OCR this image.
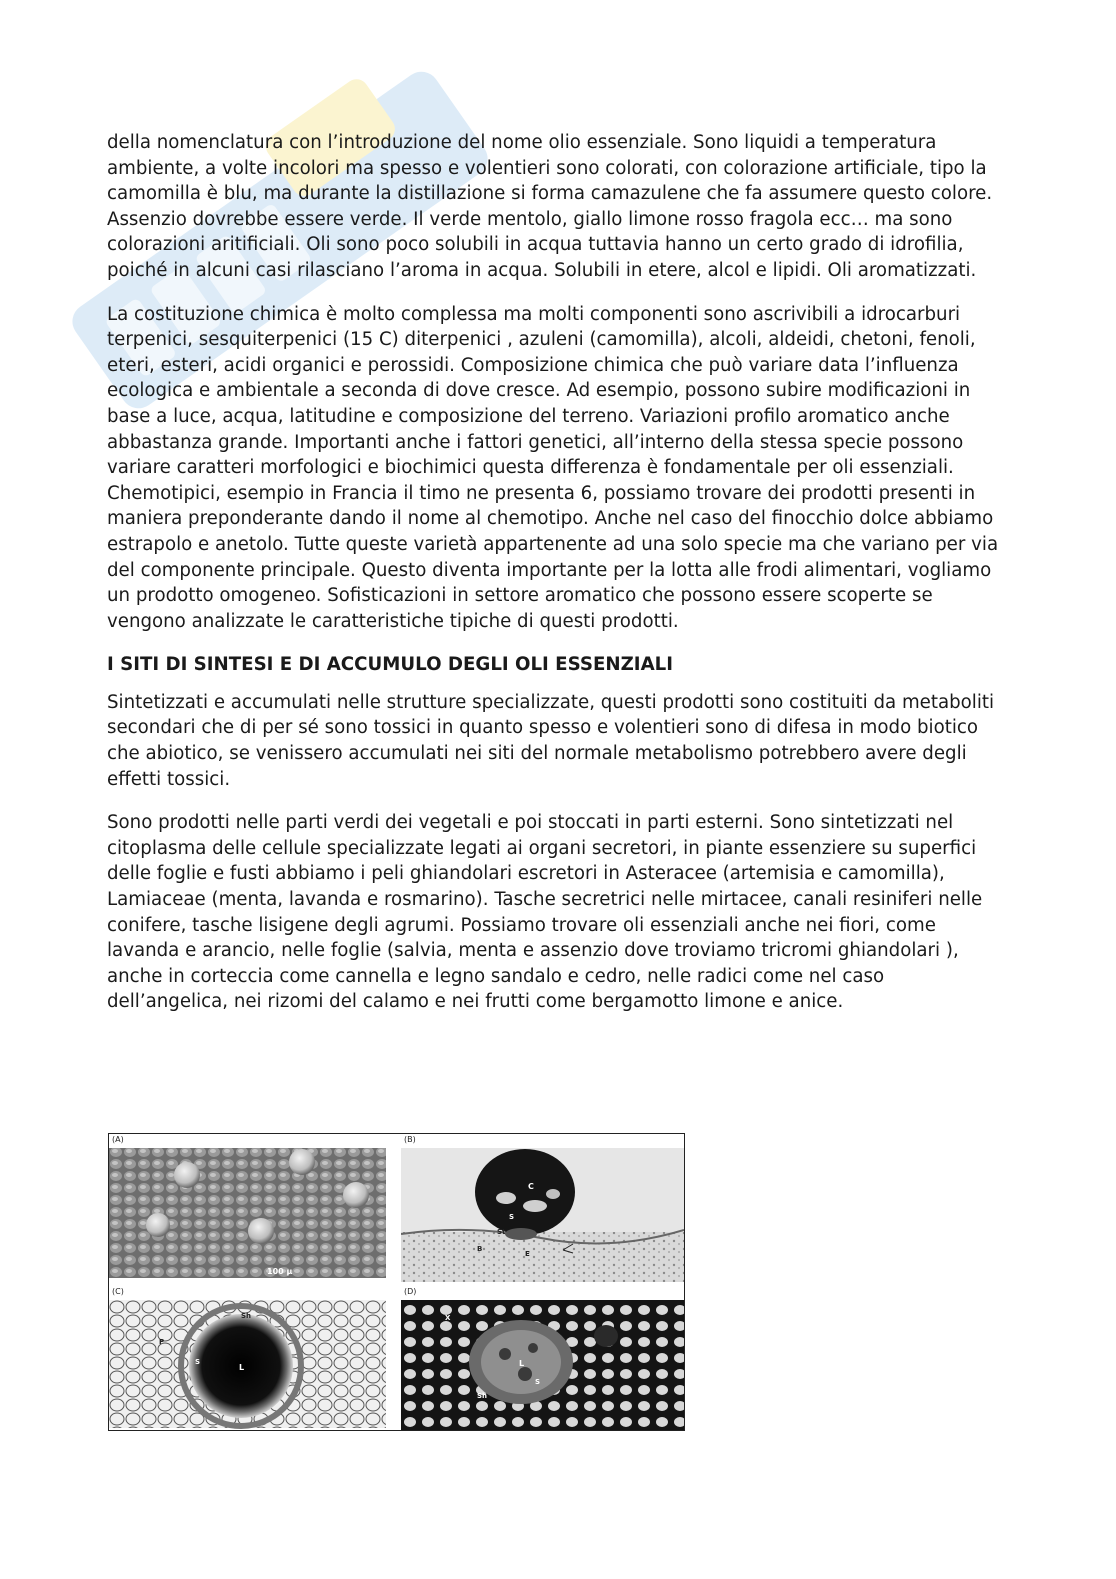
della nomenclatura con l’introduzione del nome olio essenziale. Sono liquidi a temperatura ambiente, a volte incolori ma spesso e volentieri sono colorati, con colorazione artificiale, tipo la camomilla è blu, ma durante la distillazione si forma camazulene che fa assumere questo colore. Assenzio dovrebbe essere verde. Il verde mentolo, giallo limone rosso fragola ecc… ma sono colorazioni aritificiali. Oli sono poco solubili in acqua tuttavia hanno un certo grado di idrofilia, poiché in alcuni casi rilasciano l’aroma in acqua. Solubili in etere, alcol e lipidi. Oli aromatizzati.

La costituzione chimica è molto complessa ma molti componenti sono ascrivibili a idrocarburi terpenici, sesquiterpenici (15 C) diterpenici , azuleni (camomilla), alcoli, aldeidi, chetoni, fenoli, eteri, esteri, acidi organici e perossidi. Composizione chimica che può variare data l’influenza ecologica e ambientale a seconda di dove cresce. Ad esempio, possono subire modificazioni in base a luce, acqua, latitudine e composizione del terreno. Variazioni profilo aromatico anche abbastanza grande. Importanti anche i fattori genetici, all’interno della stessa specie possono variare caratteri morfologici e biochimici questa differenza è fondamentale per oli essenziali. Chemotipici, esempio in Francia il timo ne presenta 6, possiamo trovare dei prodotti presenti in maniera preponderante dando il nome al chemotipo. Anche nel caso del finocchio dolce abbiamo estrapolo e anetolo. Tutte queste varietà appartenente ad una solo specie ma che variano per via del componente principale. Questo diventa importante per la lotta alle frodi alimentari, vogliamo un prodotto omogeneo. Sofisticazioni in settore aromatico che possono essere scoperte se vengono analizzate le caratteristiche tipiche di questi prodotti.

I SITI DI SINTESI E DI ACCUMULO DEGLI OLI ESSENZIALI

Sintetizzati e accumulati nelle strutture specializzate, questi prodotti sono costituiti da metaboliti secondari che di per sé sono tossici in quanto spesso e volentieri sono di difesa in modo biotico che abiotico, se venissero accumulati nei siti del normale metabolismo potrebbero avere degli effetti tossici.

Sono prodotti nelle parti verdi dei vegetali e poi stoccati in parti esterni. Sono sintetizzati nel citoplasma delle cellule specializzate legati ai organi secretori, in piante essenziere su superfici delle foglie e fusti abbiamo i peli ghiandolari escretori in Asteracee (artemisia e camomilla), Lamiaceae (menta, lavanda e rosmarino). Tasche secretrici nelle mirtacee, canali resiniferi nelle conifere, tasche lisigene degli agrumi. Possiamo trovare oli essenziali anche nei fiori, come lavanda e arancio, nelle foglie (salvia, menta e assenzio dove troviamo tricromi ghiandolari ), anche in corteccia come cannella e legno sandalo e cedro, nelle radici come nel caso dell’angelica, nei rizomi del calamo e nei frutti come bergamotto limone e anice.

(A)
100 µ
(B)
C
S
St
B
E
(C)
Sh
P
S
L
(D)
X
L
S
Sh
